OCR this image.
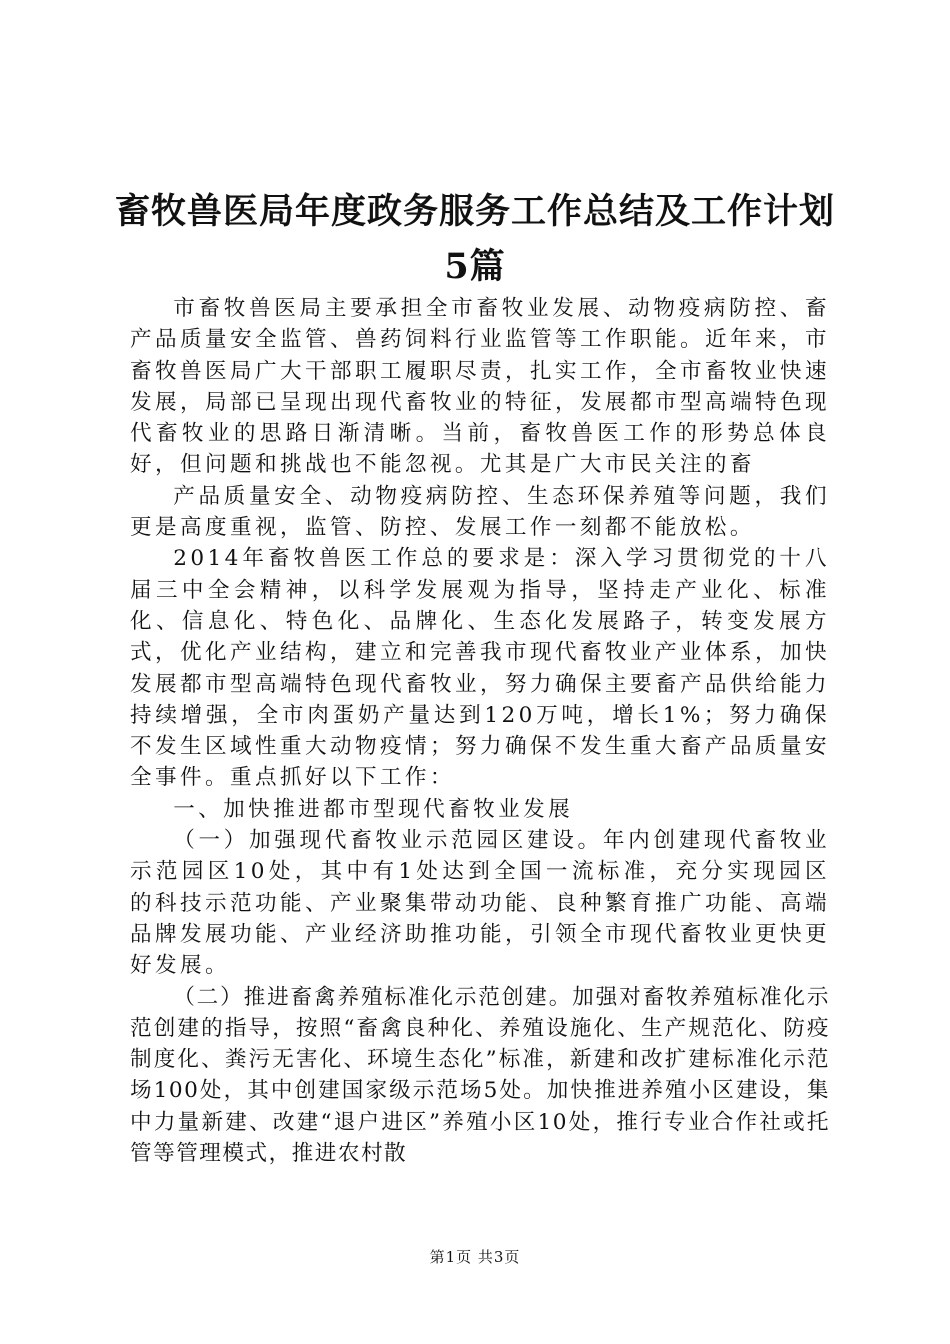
畜牧兽医局年度政务服务工作总结及工作计划
5篇

市畜牧兽医局主要承担全市畜牧业发展、动物疫病防控、畜产品质量安全监管、兽药饲料行业监管等工作职能。近年来，市畜牧兽医局广大干部职工履职尽责，扎实工作，全市畜牧业快速发展，局部已呈现出现代畜牧业的特征，发展都市型高端特色现代畜牧业的思路日渐清晰。当前，畜牧兽医工作的形势总体良好，但问题和挑战也不能忽视。尤其是广大市民关注的畜

产品质量安全、动物疫病防控、生态环保养殖等问题，我们更是高度重视，监管、防控、发展工作一刻都不能放松。

2014年畜牧兽医工作总的要求是：深入学习贯彻党的十八届三中全会精神，以科学发展观为指导，坚持走产业化、标准化、信息化、特色化、品牌化、生态化发展路子，转变发展方式，优化产业结构，建立和完善我市现代畜牧业产业体系，加快发展都市型高端特色现代畜牧业，努力确保主要畜产品供给能力持续增强，全市肉蛋奶产量达到120万吨，增长1%；努力确保不发生区域性重大动物疫情；努力确保不发生重大畜产品质量安全事件。重点抓好以下工作：

一、加快推进都市型现代畜牧业发展

（一）加强现代畜牧业示范园区建设。年内创建现代畜牧业示范园区10处，其中有1处达到全国一流标准，充分实现园区的科技示范功能、产业聚集带动功能、良种繁育推广功能、高端品牌发展功能、产业经济助推功能，引领全市现代畜牧业更快更好发展。

（二）推进畜禽养殖标准化示范创建。加强对畜牧养殖标准化示范创建的指导，按照“畜禽良种化、养殖设施化、生产规范化、防疫制度化、粪污无害化、环境生态化”标准，新建和改扩建标准化示范场100处，其中创建国家级示范场5处。加快推进养殖小区建设，集中力量新建、改建“退户进区”养殖小区10处，推行专业合作社或托管等管理模式，推进农村散

第1页 共3页
